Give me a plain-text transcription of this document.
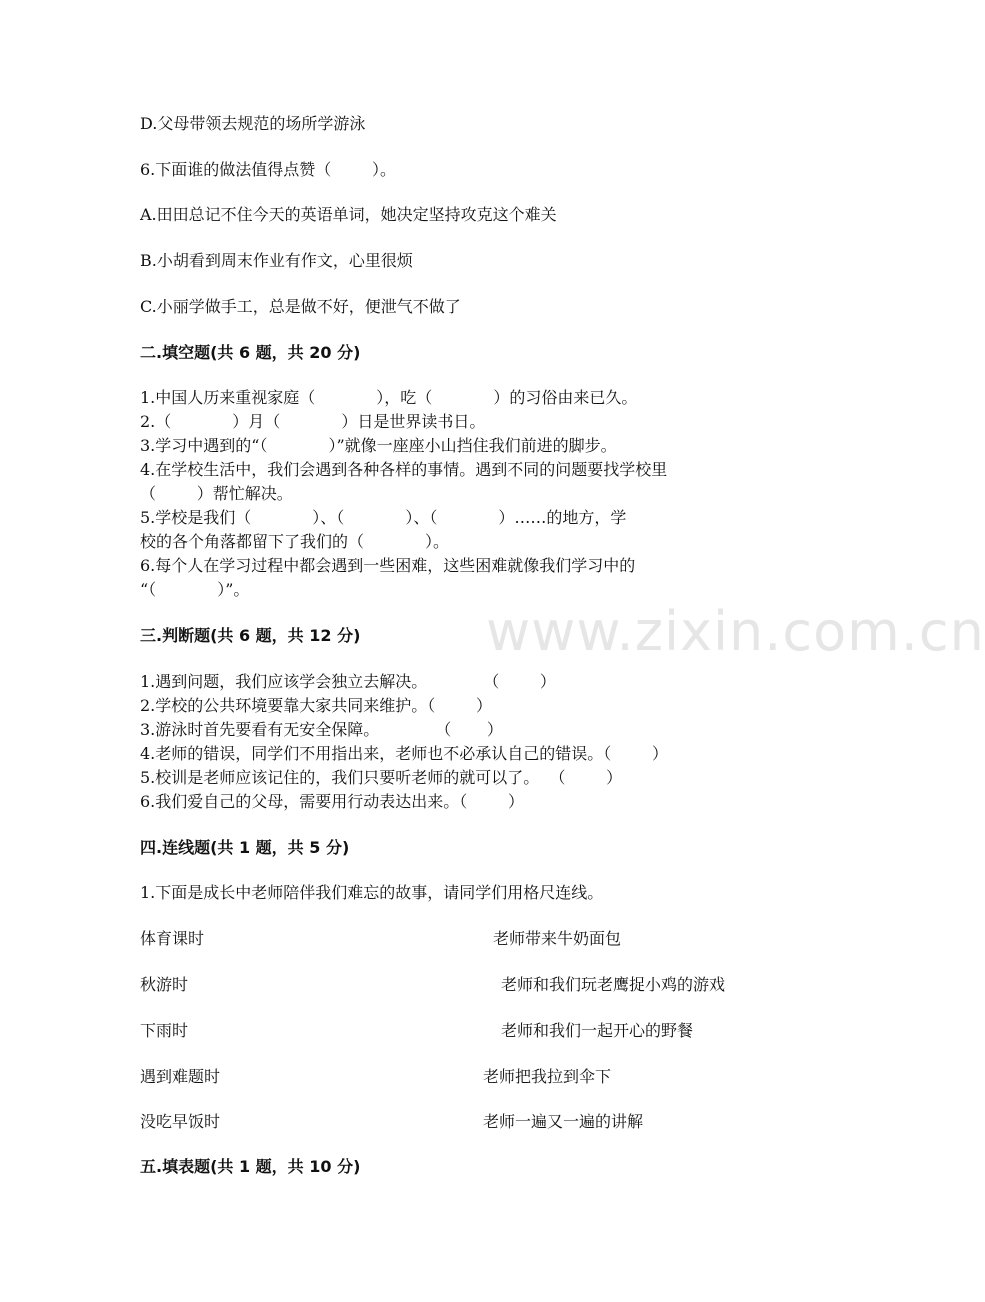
www.zixin.com.cn
D.父母带领去规范的场所学游泳
6.下面谁的做法值得点赞（        ）。
A.田田总记不住今天的英语单词，她决定坚持攻克这个难关
B.小胡看到周末作业有作文，心里很烦
C.小丽学做手工，总是做不好，便泄气不做了
二.填空题(共 6 题，共 20 分)
1.中国人历来重视家庭（            ），吃（            ）的习俗由来已久。
2.（            ）月（            ）日是世界读书日。
3.学习中遇到的“（            ）”就像一座座小山挡住我们前进的脚步。
4.在学校生活中，我们会遇到各种各样的事情。遇到不同的问题要找学校里
（        ）帮忙解决。
5.学校是我们（            ）、（            ）、（            ）……的地方，学
校的各个角落都留下了我们的（            ）。
6.每个人在学习过程中都会遇到一些困难，这些困难就像我们学习中的
“（            ）”。
三.判断题(共 6 题，共 12 分)
1.遇到问题，我们应该学会独立去解决。           （        ）
2.学校的公共环境要靠大家共同来维护。（        ）
3.游泳时首先要看有无安全保障。           （       ）
4.老师的错误，同学们不用指出来，老师也不必承认自己的错误。（        ）
5.校训是老师应该记住的，我们只要听老师的就可以了。  （        ）
6.我们爱自己的父母，需要用行动表达出来。（        ）
四.连线题(共 1 题，共 5 分)
1.下面是成长中老师陪伴我们难忘的故事，请同学们用格尺连线。
体育课时	老师带来牛奶面包
秋游时	老师和我们玩老鹰捉小鸡的游戏
下雨时	老师和我们一起开心的野餐
遇到难题时	老师把我拉到伞下
没吃早饭时	老师一遍又一遍的讲解
五.填表题(共 1 题，共 10 分)
